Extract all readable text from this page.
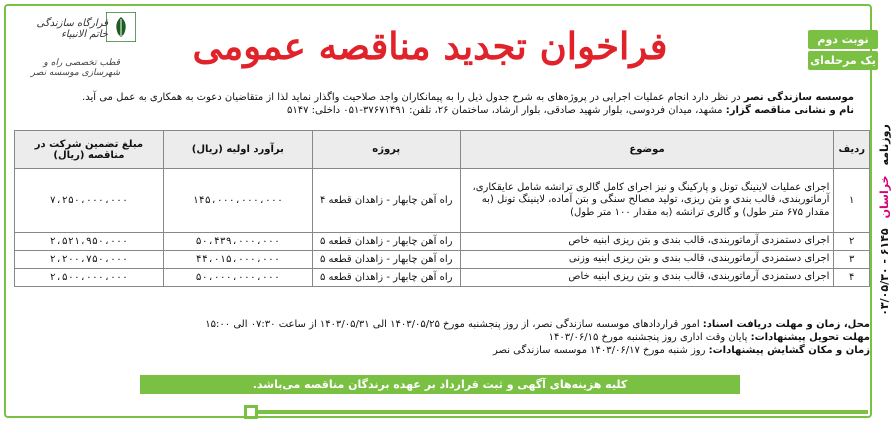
قرارگاه سازندگی خاتم الانبیاء
قطب تخصصی راه و شهرسازی موسسه نصر
فراخوان تجدید مناقصه عمومی	نوبت دوم
یک مرحله‌ای
موسسه سازندگی نصر در نظر دارد انجام عملیات اجرایی در پروژه‌های به شرح جدول ذیل را به پیمانکاران واجد صلاحیت واگذار نماید لذا از متقاضیان دعوت به همکاری به عمل می آید.
نام و نشانی مناقصه گزار: مشهد، میدان فردوسی، بلوار شهید صادقی، بلوار ارشاد، ساختمان ۲۶، تلفن: ۳۷۶۷۱۴۹۱-۰۵۱ داخلی: ۵۱۴۷
ردیف	موضوع	پروژه	برآورد اولیه (ریال)	مبلغ تضمین شرکت در مناقصه (ریال)
۱	اجرای عملیات لاینینگ تونل و پارکینگ و نیز اجرای کامل گالری ترانشه شامل عایقکاری، آرماتوربندی، قالب بندی و بتن ریزی، تولید مصالح سنگی و بتن آماده، لاینینگ تونل (به مقدار ۶۷۵ متر طول) و گالری ترانشه (به مقدار ۱۰۰ متر طول)	راه آهن چابهار - زاهدان قطعه ۴	۱۴۵،۰۰۰،۰۰۰،۰۰۰	۷،۲۵۰،۰۰۰،۰۰۰
۲	اجرای دستمزدی آرماتوربندی، قالب بندی و بتن ریزی ابنیه خاص	راه آهن چابهار - زاهدان قطعه ۵	۵۰،۴۳۹،۰۰۰،۰۰۰	۲،۵۲۱،۹۵۰،۰۰۰
۳	اجرای دستمزدی آرماتوربندی، قالب بندی و بتن ریزی ابنیه وزنی	راه آهن چابهار - زاهدان قطعه ۵	۴۴،۰۱۵،۰۰۰،۰۰۰	۲،۲۰۰،۷۵۰،۰۰۰
۴	اجرای دستمزدی آرماتوربندی، قالب بندی و بتن ریزی ابنیه خاص	راه آهن چابهار - زاهدان قطعه ۵	۵۰،۰۰۰،۰۰۰،۰۰۰	۲،۵۰۰،۰۰۰،۰۰۰
محل، زمان و مهلت دریافت اسناد: امور قراردادهای موسسه سازندگی نصر، از روز پنجشنبه مورخ ۱۴۰۳/۰۵/۲۵ الی ۱۴۰۳/۰۵/۳۱ از ساعت ۰۷:۳۰ الی ۱۵:۰۰
مهلت تحویل پیشنهادات: پایان وقت اداری روز پنجشنبه مورخ ۱۴۰۳/۰۶/۱۵
زمان و مکان گشایش پیشنهادات: روز شنبه مورخ ۱۴۰۳/۰۶/۱۷ موسسه سازندگی نصر
کلیه هزینه‌های آگهی و ثبت قرارداد بر عهده برندگان مناقصه می‌باشد.
روزنامه
خراسان
۶۱۴۵ - ۰۳/۰۵/۳۰
